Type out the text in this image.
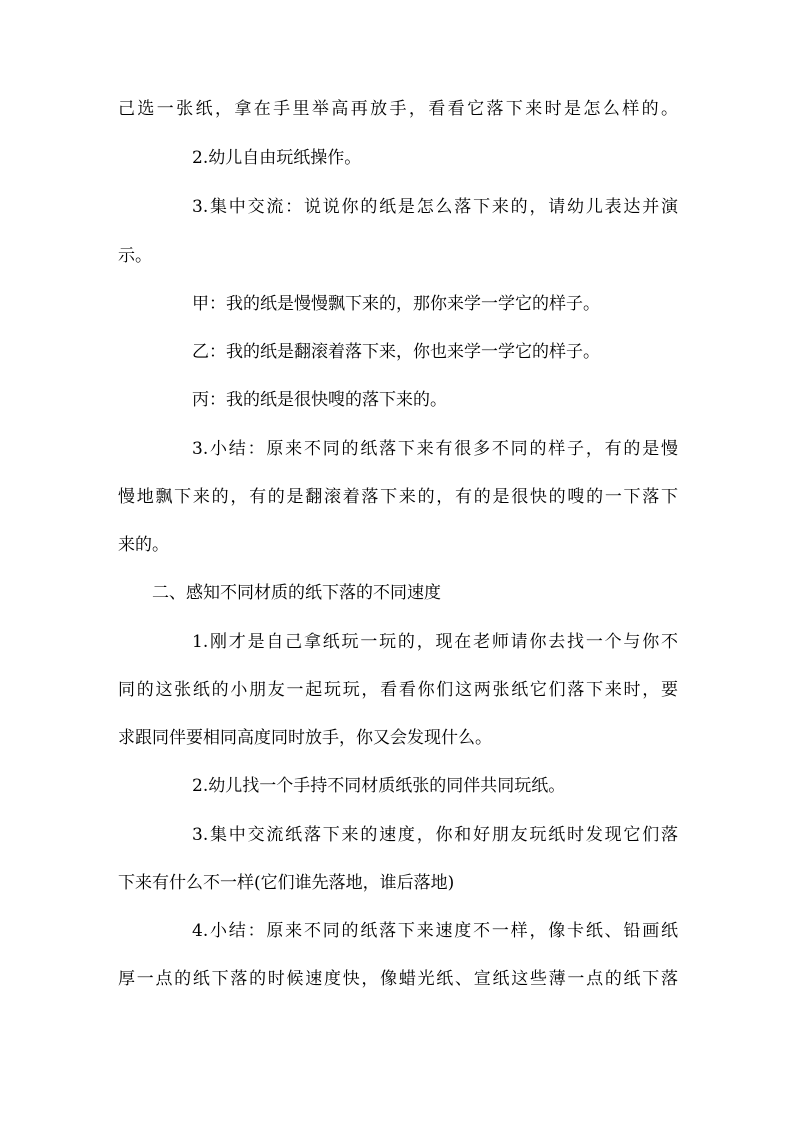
己选一张纸，拿在手里举高再放手，看看它落下来时是怎么样的。
2.幼儿自由玩纸操作。
3.集中交流：说说你的纸是怎么落下来的，请幼儿表达并演
示。
甲：我的纸是慢慢飘下来的，那你来学一学它的样子。
乙：我的纸是翻滚着落下来，你也来学一学它的样子。
丙：我的纸是很快嗖的落下来的。
3.小结：原来不同的纸落下来有很多不同的样子，有的是慢
慢地飘下来的，有的是翻滚着落下来的，有的是很快的嗖的一下落下
来的。
二、感知不同材质的纸下落的不同速度
1.刚才是自己拿纸玩一玩的，现在老师请你去找一个与你不
同的这张纸的小朋友一起玩玩，看看你们这两张纸它们落下来时，要
求跟同伴要相同高度同时放手，你又会发现什么。
2.幼儿找一个手持不同材质纸张的同伴共同玩纸。
3.集中交流纸落下来的速度，你和好朋友玩纸时发现它们落
下来有什么不一样(它们谁先落地，谁后落地)
4.小结：原来不同的纸落下来速度不一样，像卡纸、铅画纸
厚一点的纸下落的时候速度快，像蜡光纸、宣纸这些薄一点的纸下落
